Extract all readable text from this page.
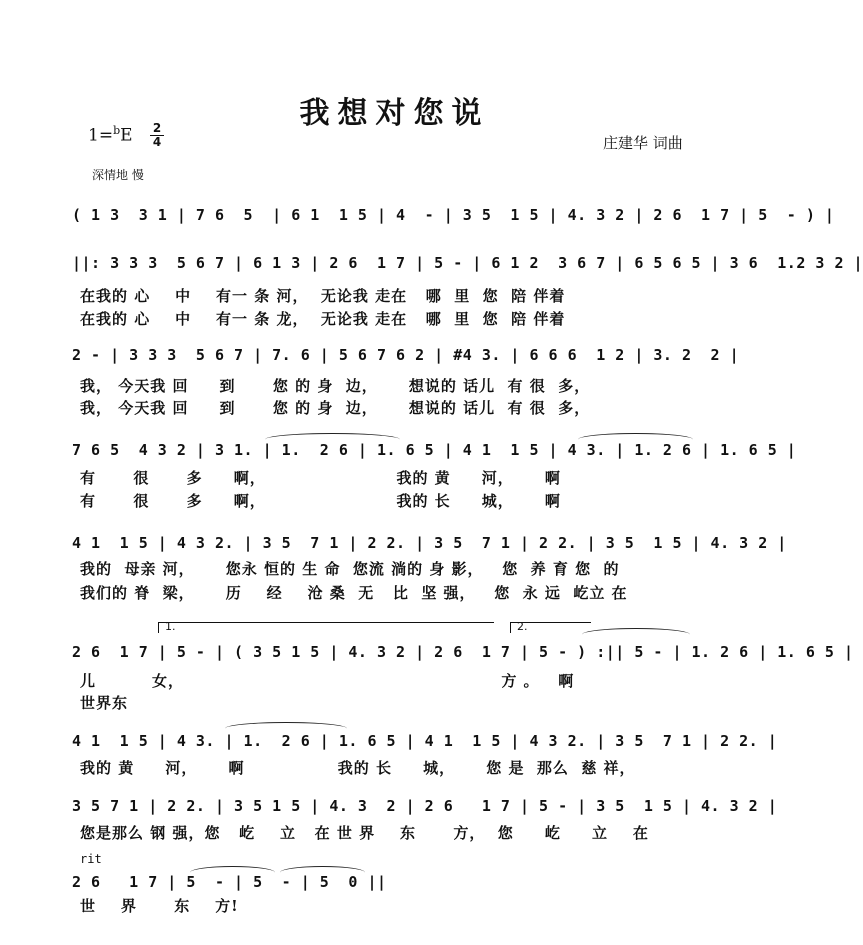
我想对您说
1=$^b$E 2
4	庄建华 词曲
深情地 慢
( 1 3  3 1 | 7 6  5  | 6 1  1 5 | 4  - | 3 5  1 5 | 4. 3 2 | 2 6  1 7 | 5  - ) |
||: 3 3 3  5 6 7 | 6 1 3 | 2 6  1 7 | 5 - | 6 1 2  3 6 7 | 6 5 6 5 | 3 6  1.2 3 2 |
在我的 心    中    有一 条 河，  无论我 走在   哪  里  您  陪 伴着
在我的 心    中    有一 条 龙，  无论我 走在   哪  里  您  陪 伴着
2 - | 3 3 3  5 6 7 | 7. 6 | 5 6 7 6 2 | #4 3. | 6 6 6  1 2 | 3. 2  2 |
我， 今天我 回     到      您 的 身  边，     想说的 话儿  有 很  多，
我， 今天我 回     到      您 的 身  边，     想说的 话儿  有 很  多，
7 6 5  4 3 2 | 3 1. | 1.  2 6 | 1. 6 5 | 4 1  1 5 | 4 3. | 1. 2 6 | 1. 6 5 |
有      很      多     啊，                     我的 黄     河，     啊
有      很      多     啊，                     我的 长     城，     啊
4 1  1 5 | 4 3 2. | 3 5  7 1 | 2 2. | 3 5  7 1 | 2 2. | 3 5  1 5 | 4. 3 2 |
我的  母亲 河，     您永 恒的 生 命  您流 淌的 身 影，   您  养 育 您  的
我们的 脊  梁，     历    经    沧 桑  无   比  坚 强，   您  永 远  屹立 在
1.	2.
2 6  1 7 | 5 - | ( 3 5 1 5 | 4. 3 2 | 2 6  1 7 | 5 - ) :|| 5 - | 1. 2 6 | 1. 6 5 |
儿         女，                                                   方 。   啊
世界东
4 1  1 5 | 4 3. | 1.  2 6 | 1. 6 5 | 4 1  1 5 | 4 3 2. | 3 5  7 1 | 2 2. |
我的 黄     河，     啊               我的 长     城，     您 是  那么  慈 祥，
3 5 7 1 | 2 2. | 3 5 1 5 | 4. 3  2 | 2 6   1 7 | 5 - | 3 5  1 5 | 4. 3 2 |
您是那么 钢 强，您   屹    立   在 世 界    东      方，  您     屹     立    在
rit
2 6   1 7 | 5  - | 5  - | 5  0 ||
世    界      东    方!
